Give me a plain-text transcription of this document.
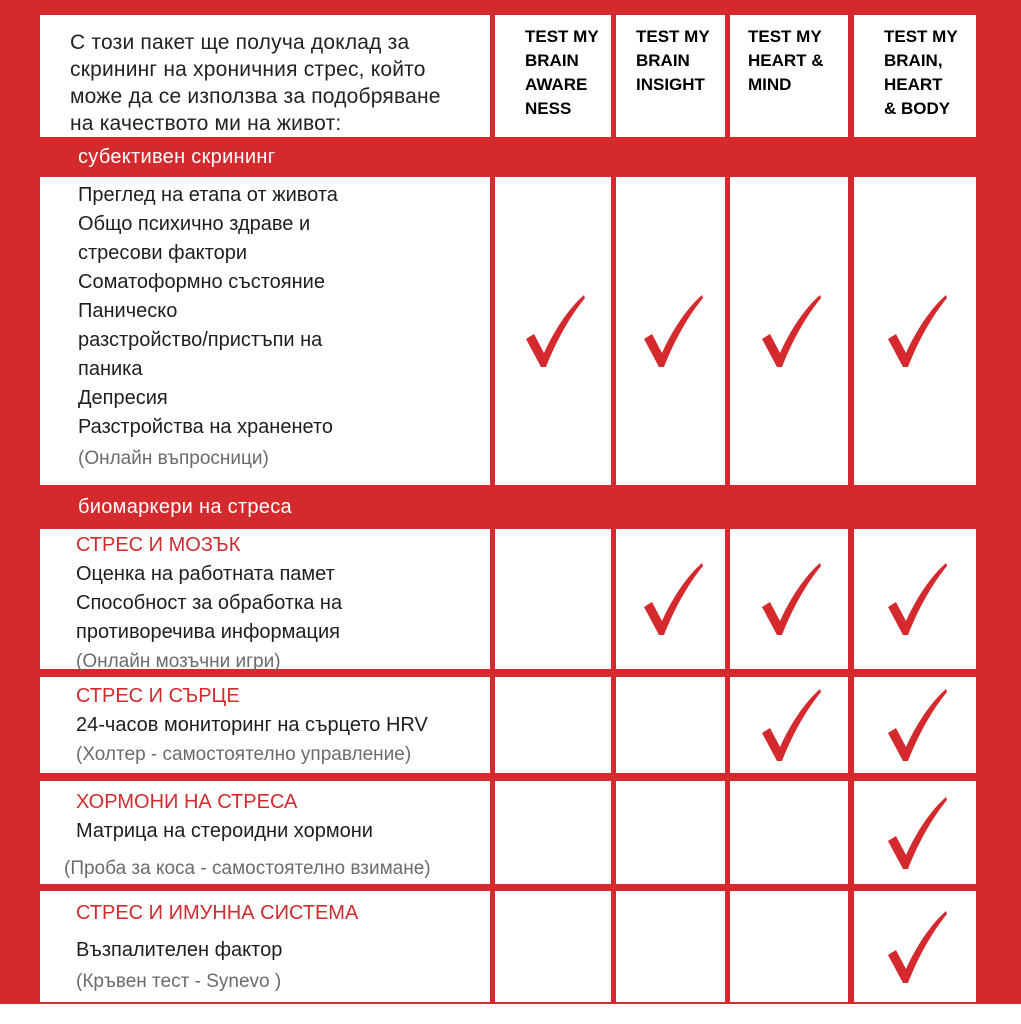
С този пакет ще получа доклад за
скрининг на хроничния стрес, който
може да се използва за подобряване
на качеството ми на живот:
TEST MY
BRAIN
AWARE
NESS
TEST MY
BRAIN
INSIGHT
TEST MY
HEART &
MIND
TEST MY
BRAIN,
HEART
& BODY
субективен скрининг
биомаркери на стреса
Преглед на етапа от живота
Общо психично здраве и
стресови фактори
Соматоформно състояние
Паническо
разстройство/пристъпи на
паника
Депресия
Разстройства на храненето
(Онлайн въпросници)
СТРЕС И МОЗЪК
Оценка на работната памет
Способност за обработка на
противоречива информация
(Онлайн мозъчни игри)
СТРЕС И СЪРЦЕ
24-часов мониторинг на сърцето HRV
(Холтер - самостоятелно управление)
ХОРМОНИ НА СТРЕСА
Матрица на стероидни хормони
(Проба за коса - самостоятелно взимане)
СТРЕС И ИМУННА СИСТЕМА
Възпалителен фактор
(Кръвен тест - Synevo )
